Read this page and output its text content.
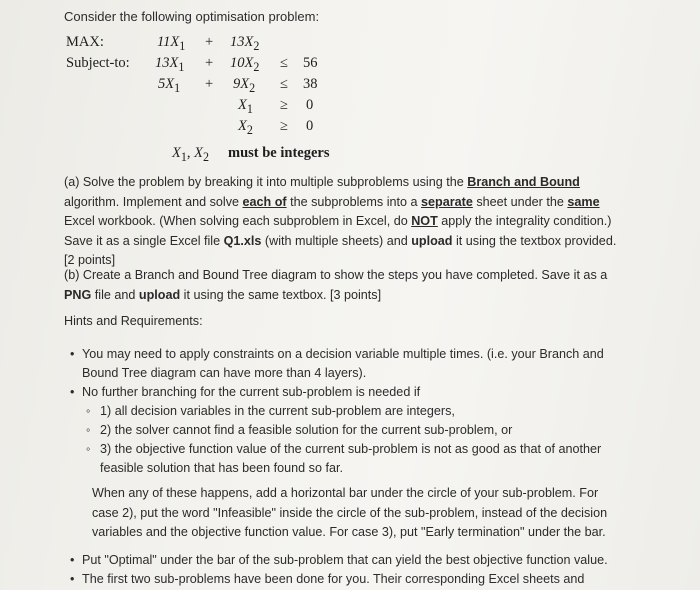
Consider the following optimisation problem:
MAX:	$11X_1 + 13X_2$
Subject-to: $13X_1 + 10X_2 \le 56$
$5X_1 + 9X_2 \le 38$
$X_1 \ge 0$
$X_2 \ge 0$
$X_1$, $X_2$ must be integers
(a) Solve the problem by breaking it into multiple subproblems using the Branch and Bound algorithm. Implement and solve each of the subproblems into a separate sheet under the same Excel workbook. (When solving each subproblem in Excel, do NOT apply the integrality condition.) Save it as a single Excel file Q1.xls (with multiple sheets) and upload it using the textbox provided. [2 points]
(b) Create a Branch and Bound Tree diagram to show the steps you have completed. Save it as a PNG file and upload it using the same textbox. [3 points]
Hints and Requirements:
• You may need to apply constraints on a decision variable multiple times. (i.e. your Branch and Bound Tree diagram can have more than 4 layers).
• No further branching for the current sub-problem is needed if
◦ 1) all decision variables in the current sub-problem are integers,
◦ 2) the solver cannot find a feasible solution for the current sub-problem, or
◦ 3) the objective function value of the current sub-problem is not as good as that of another feasible solution that has been found so far.
When any of these happens, add a horizontal bar under the circle of your sub-problem. For case 2), put the word "Infeasible" inside the circle of the sub-problem, instead of the decision variables and the objective function value. For case 3), put "Early termination" under the bar.
• Put "Optimal" under the bar of the sub-problem that can yield the best objective function value.
• The first two sub-problems have been done for you. Their corresponding Excel sheets and
